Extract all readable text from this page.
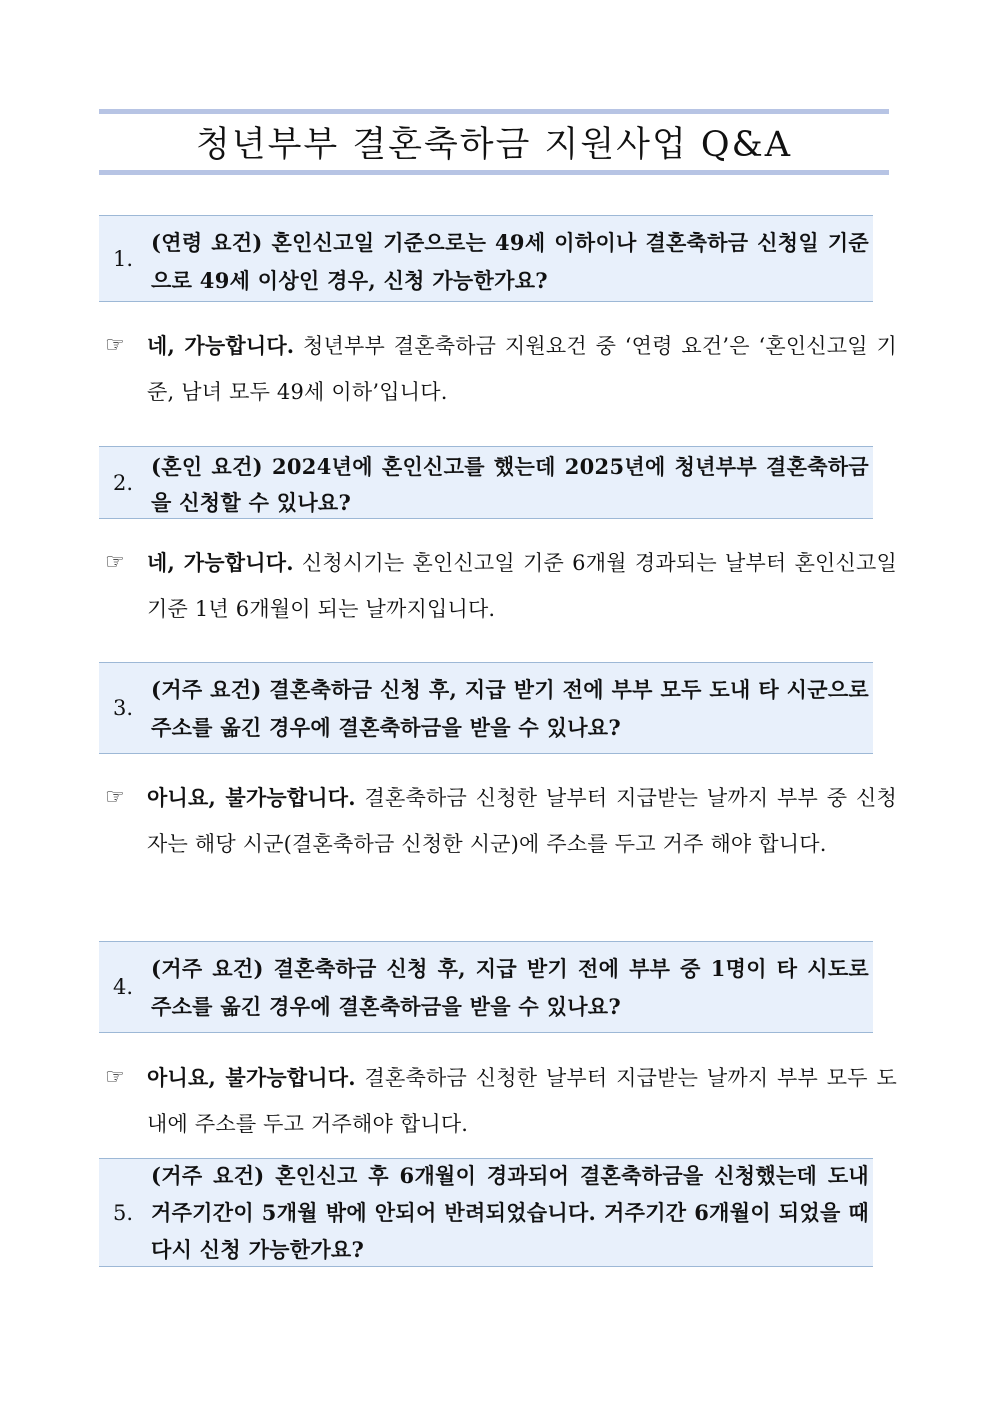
청년부부 결혼축하금 지원사업 Q&A
1.
(연령 요건) 혼인신고일 기준으로는 49세 이하이나 결혼축하금 신청일 기준으로 49세 이상인 경우, 신청 가능한가요?
☞	네, 가능합니다. 청년부부 결혼축하금 지원요건 중 ‘연령 요건’은 ‘혼인신고일 기준, 남녀 모두 49세 이하’입니다.
2.
(혼인 요건) 2024년에 혼인신고를 했는데 2025년에 청년부부 결혼축하금을 신청할 수 있나요?
☞	네, 가능합니다. 신청시기는 혼인신고일 기준 6개월 경과되는 날부터 혼인신고일 기준 1년 6개월이 되는 날까지입니다.
3.
(거주 요건) 결혼축하금 신청 후, 지급 받기 전에 부부 모두 도내 타 시군으로 주소를 옮긴 경우에 결혼축하금을 받을 수 있나요?
☞	아니요, 불가능합니다. 결혼축하금 신청한 날부터 지급받는 날까지 부부 중 신청자는 해당 시군(결혼축하금 신청한 시군)에 주소를 두고 거주 해야 합니다.
4.
(거주 요건) 결혼축하금 신청 후, 지급 받기 전에 부부 중 1명이 타 시도로 주소를 옮긴 경우에 결혼축하금을 받을 수 있나요?
☞	아니요, 불가능합니다. 결혼축하금 신청한 날부터 지급받는 날까지 부부 모두 도내에 주소를 두고 거주해야 합니다.
5.
(거주 요건) 혼인신고 후 6개월이 경과되어 결혼축하금을 신청했는데 도내 거주기간이 5개월 밖에 안되어 반려되었습니다. 거주기간 6개월이 되었을 때 다시 신청 가능한가요?
